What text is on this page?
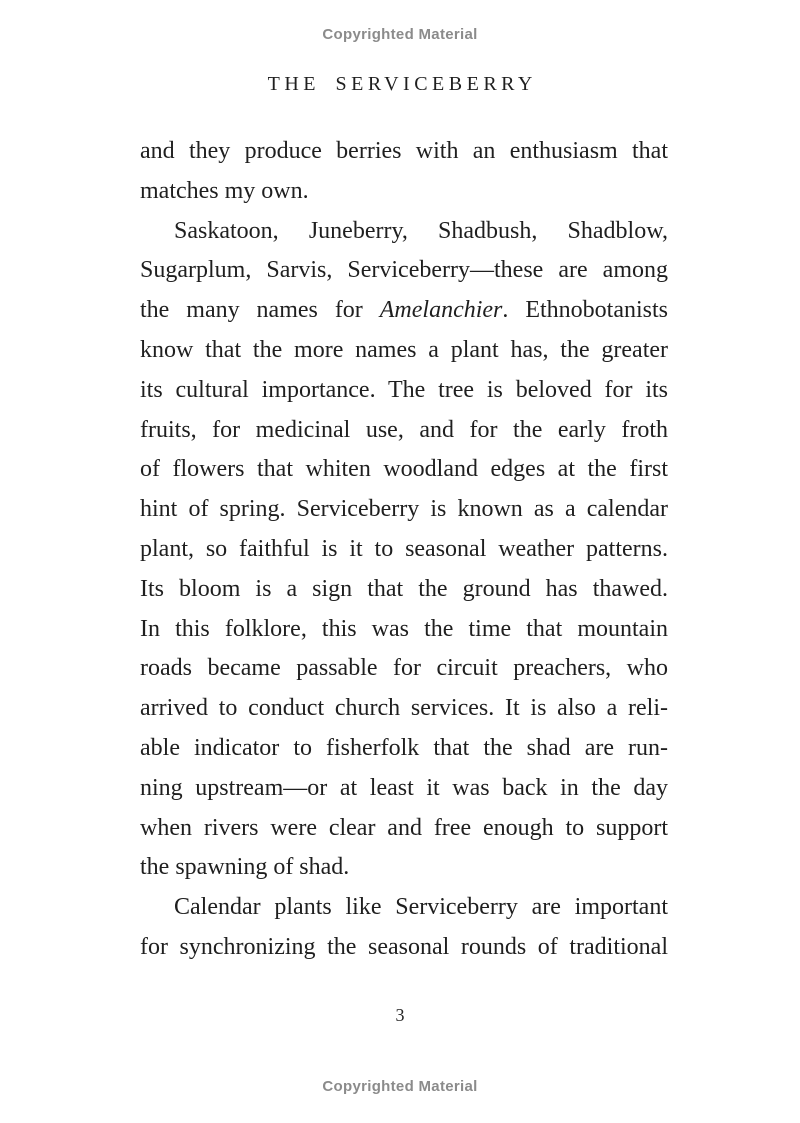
Copyrighted Material
THE SERVICEBERRY
and they produce berries with an enthusiasm that
matches my own.
Saskatoon, Juneberry, Shadbush, Shadblow,
Sugarplum, Sarvis, Serviceberry—these are among
the many names for Amelanchier. Ethnobotanists
know that the more names a plant has, the greater
its cultural importance. The tree is beloved for its
fruits, for medicinal use, and for the early froth
of flowers that whiten woodland edges at the first
hint of spring. Serviceberry is known as a calendar
plant, so faithful is it to seasonal weather patterns.
Its bloom is a sign that the ground has thawed.
In this folklore, this was the time that mountain
roads became passable for circuit preachers, who
arrived to conduct church services. It is also a reli-
able indicator to fisherfolk that the shad are run-
ning upstream—or at least it was back in the day
when rivers were clear and free enough to support
the spawning of shad.
Calendar plants like Serviceberry are important
for synchronizing the seasonal rounds of traditional
3
Copyrighted Material
